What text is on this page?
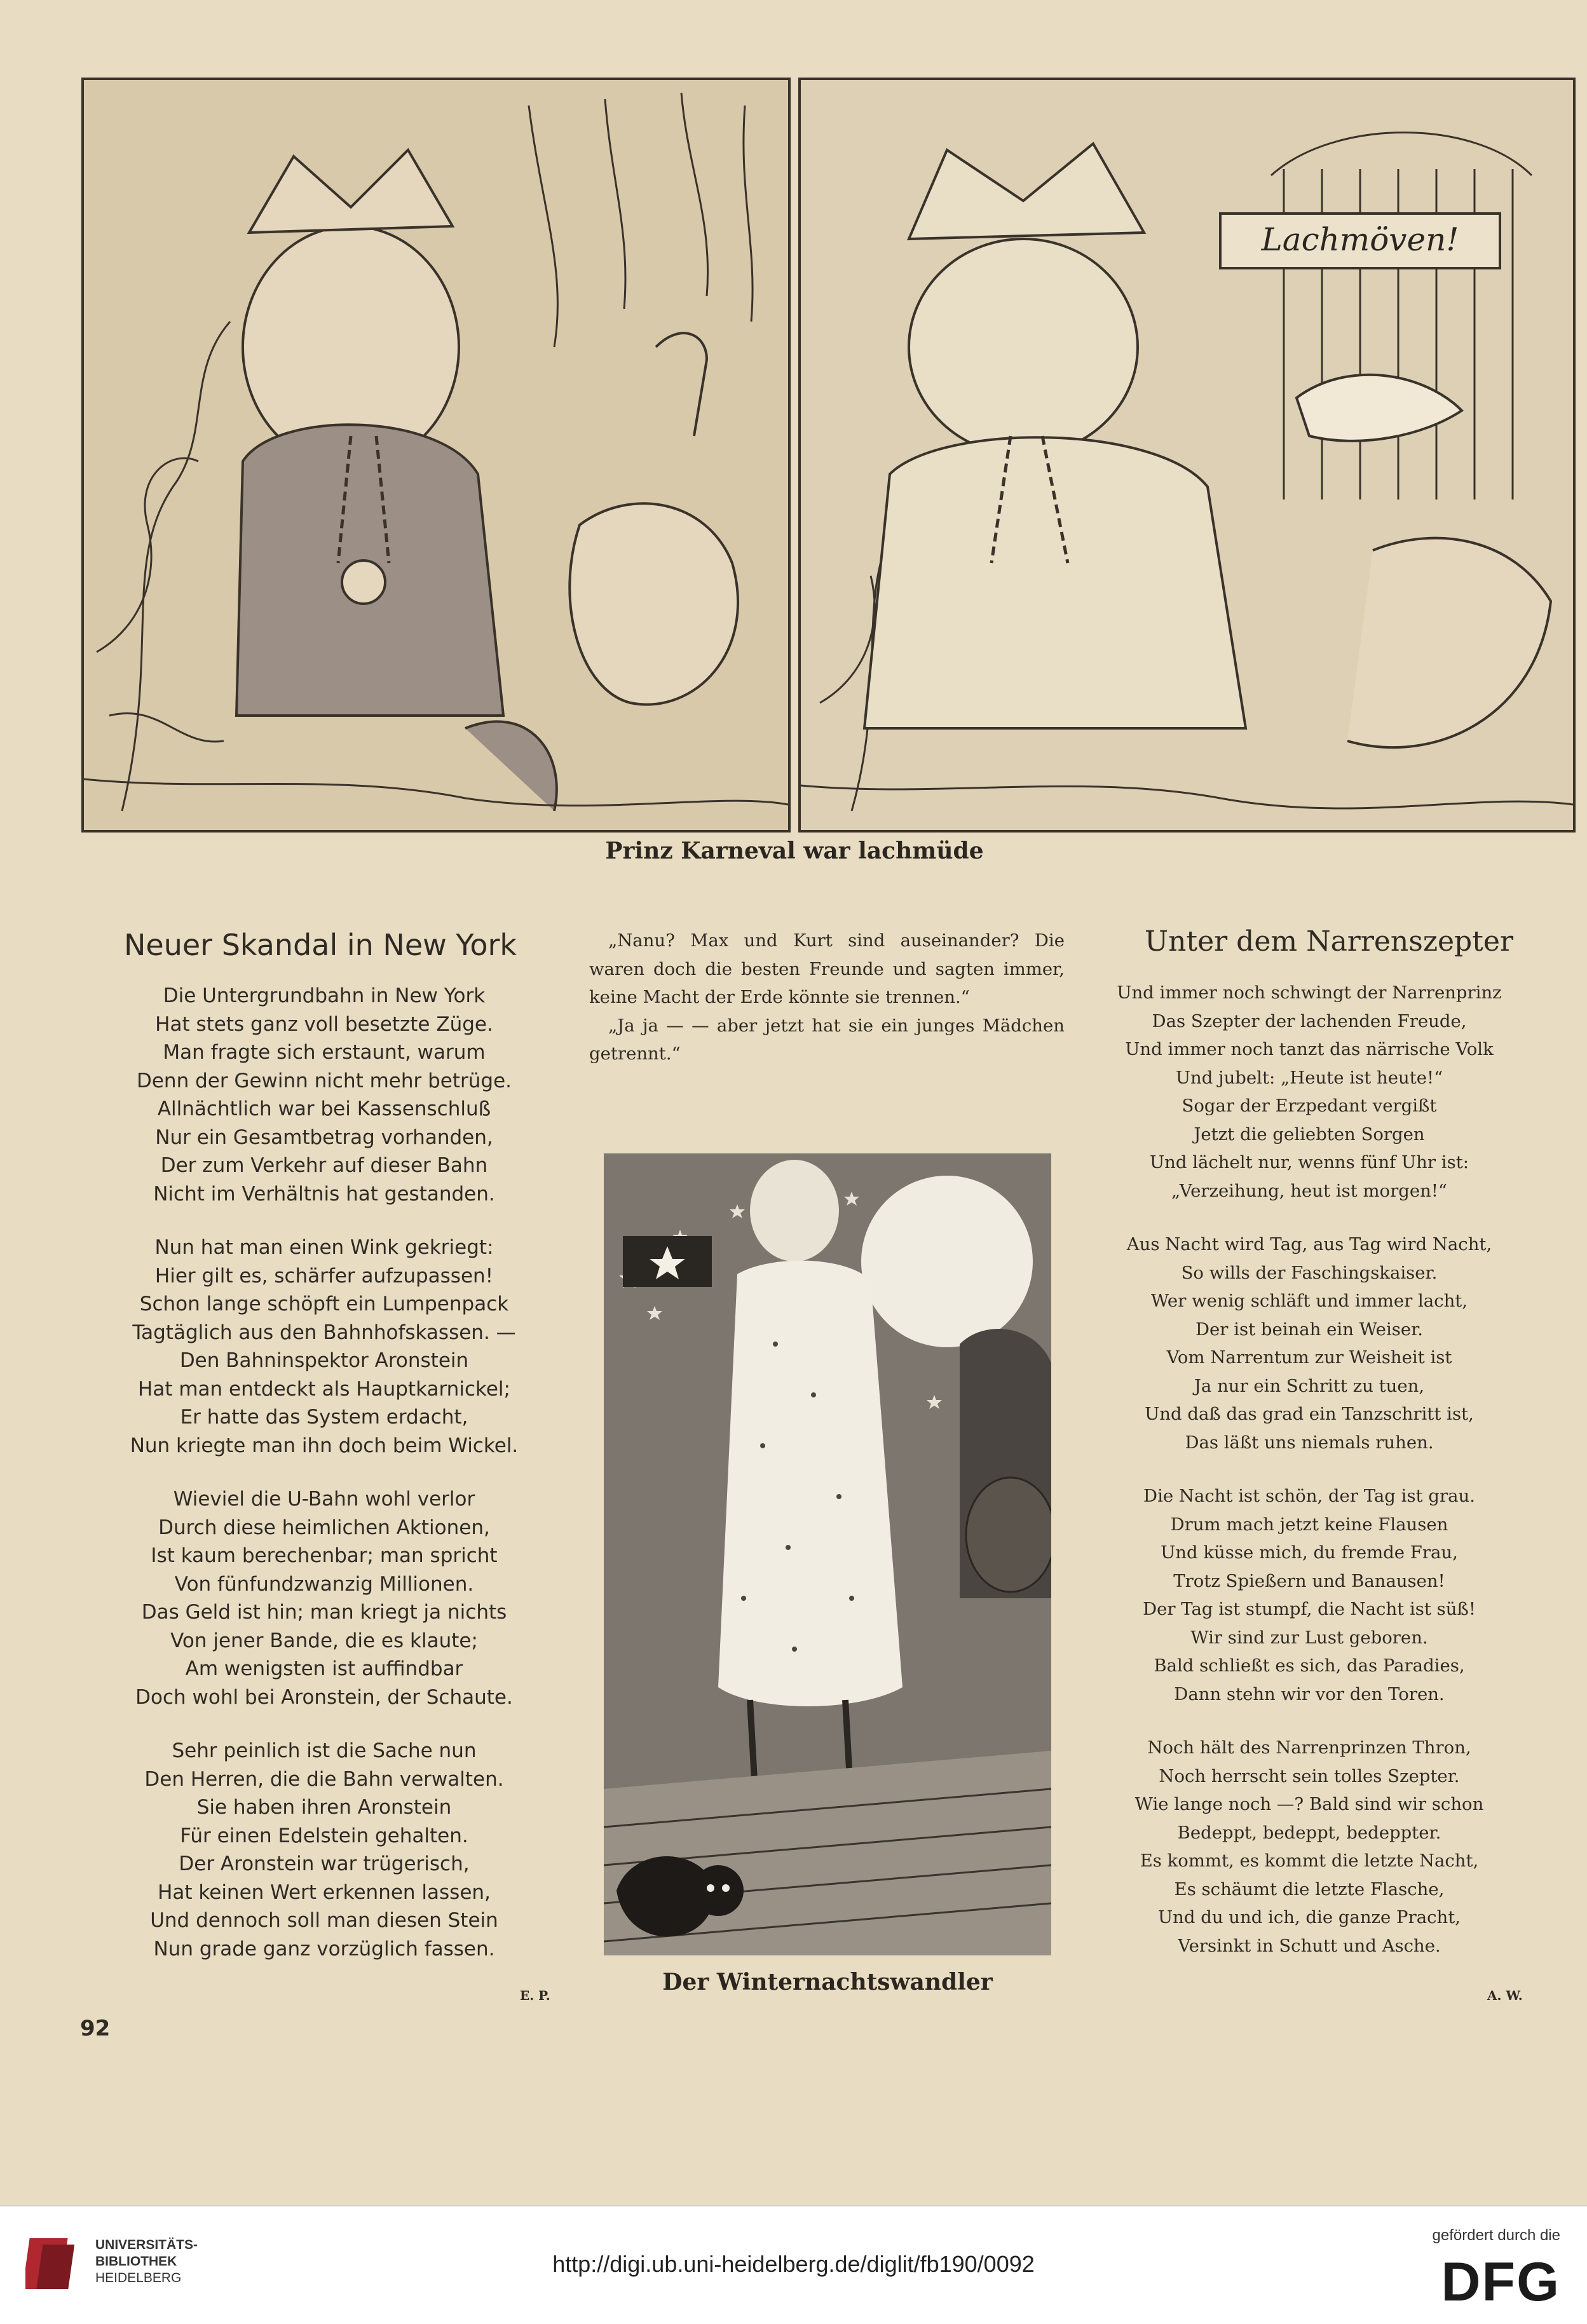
Lachmöven!
Prinz Karneval war lachmüde
Neuer Skandal in New York
Die Untergrundbahn in New York
Hat stets ganz voll besetzte Züge.
Man fragte sich erstaunt, warum
Denn der Gewinn nicht mehr betrüge.
Allnächtlich war bei Kassenschluß
Nur ein Gesamtbetrag vorhanden,
Der zum Verkehr auf dieser Bahn
Nicht im Verhältnis hat gestanden.
Nun hat man einen Wink gekriegt:
Hier gilt es, schärfer aufzupassen!
Schon lange schöpft ein Lumpenpack
Tagtäglich aus den Bahnhofskassen. —
Den Bahninspektor Aronstein
Hat man entdeckt als Hauptkarnickel;
Er hatte das System erdacht,
Nun kriegte man ihn doch beim Wickel.
Wieviel die U-Bahn wohl verlor
Durch diese heimlichen Aktionen,
Ist kaum berechenbar; man spricht
Von fünfundzwanzig Millionen.
Das Geld ist hin; man kriegt ja nichts
Von jener Bande, die es klaute;
Am wenigsten ist auffindbar
Doch wohl bei Aronstein, der Schaute.
Sehr peinlich ist die Sache nun
Den Herren, die die Bahn verwalten.
Sie haben ihren Aronstein
Für einen Edelstein gehalten.
Der Aronstein war trügerisch,
Hat keinen Wert erkennen lassen,
Und dennoch soll man diesen Stein
Nun grade ganz vorzüglich fassen.
E. P.
92

„Nanu? Max und Kurt sind auseinander? Die waren doch die besten Freunde und sagten immer, keine Macht der Erde könnte sie trennen.“

„Ja ja — — aber jetzt hat sie ein junges Mädchen getrennt.“

Der Winternachtswandler
Unter dem Narrenszepter
Und immer noch schwingt der Narrenprinz
Das Szepter der lachenden Freude,
Und immer noch tanzt das närrische Volk
Und jubelt: „Heute ist heute!“
Sogar der Erzpedant vergißt
Jetzt die geliebten Sorgen
Und lächelt nur, wenns fünf Uhr ist:
„Verzeihung, heut ist morgen!“
Aus Nacht wird Tag, aus Tag wird Nacht,
So wills der Faschingskaiser.
Wer wenig schläft und immer lacht,
Der ist beinah ein Weiser.
Vom Narrentum zur Weisheit ist
Ja nur ein Schritt zu tuen,
Und daß das grad ein Tanzschritt ist,
Das läßt uns niemals ruhen.
Die Nacht ist schön, der Tag ist grau.
Drum mach jetzt keine Flausen
Und küsse mich, du fremde Frau,
Trotz Spießern und Banausen!
Der Tag ist stumpf, die Nacht ist süß!
Wir sind zur Lust geboren.
Bald schließt es sich, das Paradies,
Dann stehn wir vor den Toren.
Noch hält des Narrenprinzen Thron,
Noch herrscht sein tolles Szepter.
Wie lange noch —? Bald sind wir schon
Bedeppt, bedeppt, bedeppter.
Es kommt, es kommt die letzte Nacht,
Es schäumt die letzte Flasche,
Und du und ich, die ganze Pracht,
Versinkt in Schutt und Asche.
A. W.
UNIVERSITÄTS-
BIBLIOTHEK
HEIDELBERG
http://digi.ub.uni-heidelberg.de/diglit/fb190/0092
gefördert durch die
DFG
